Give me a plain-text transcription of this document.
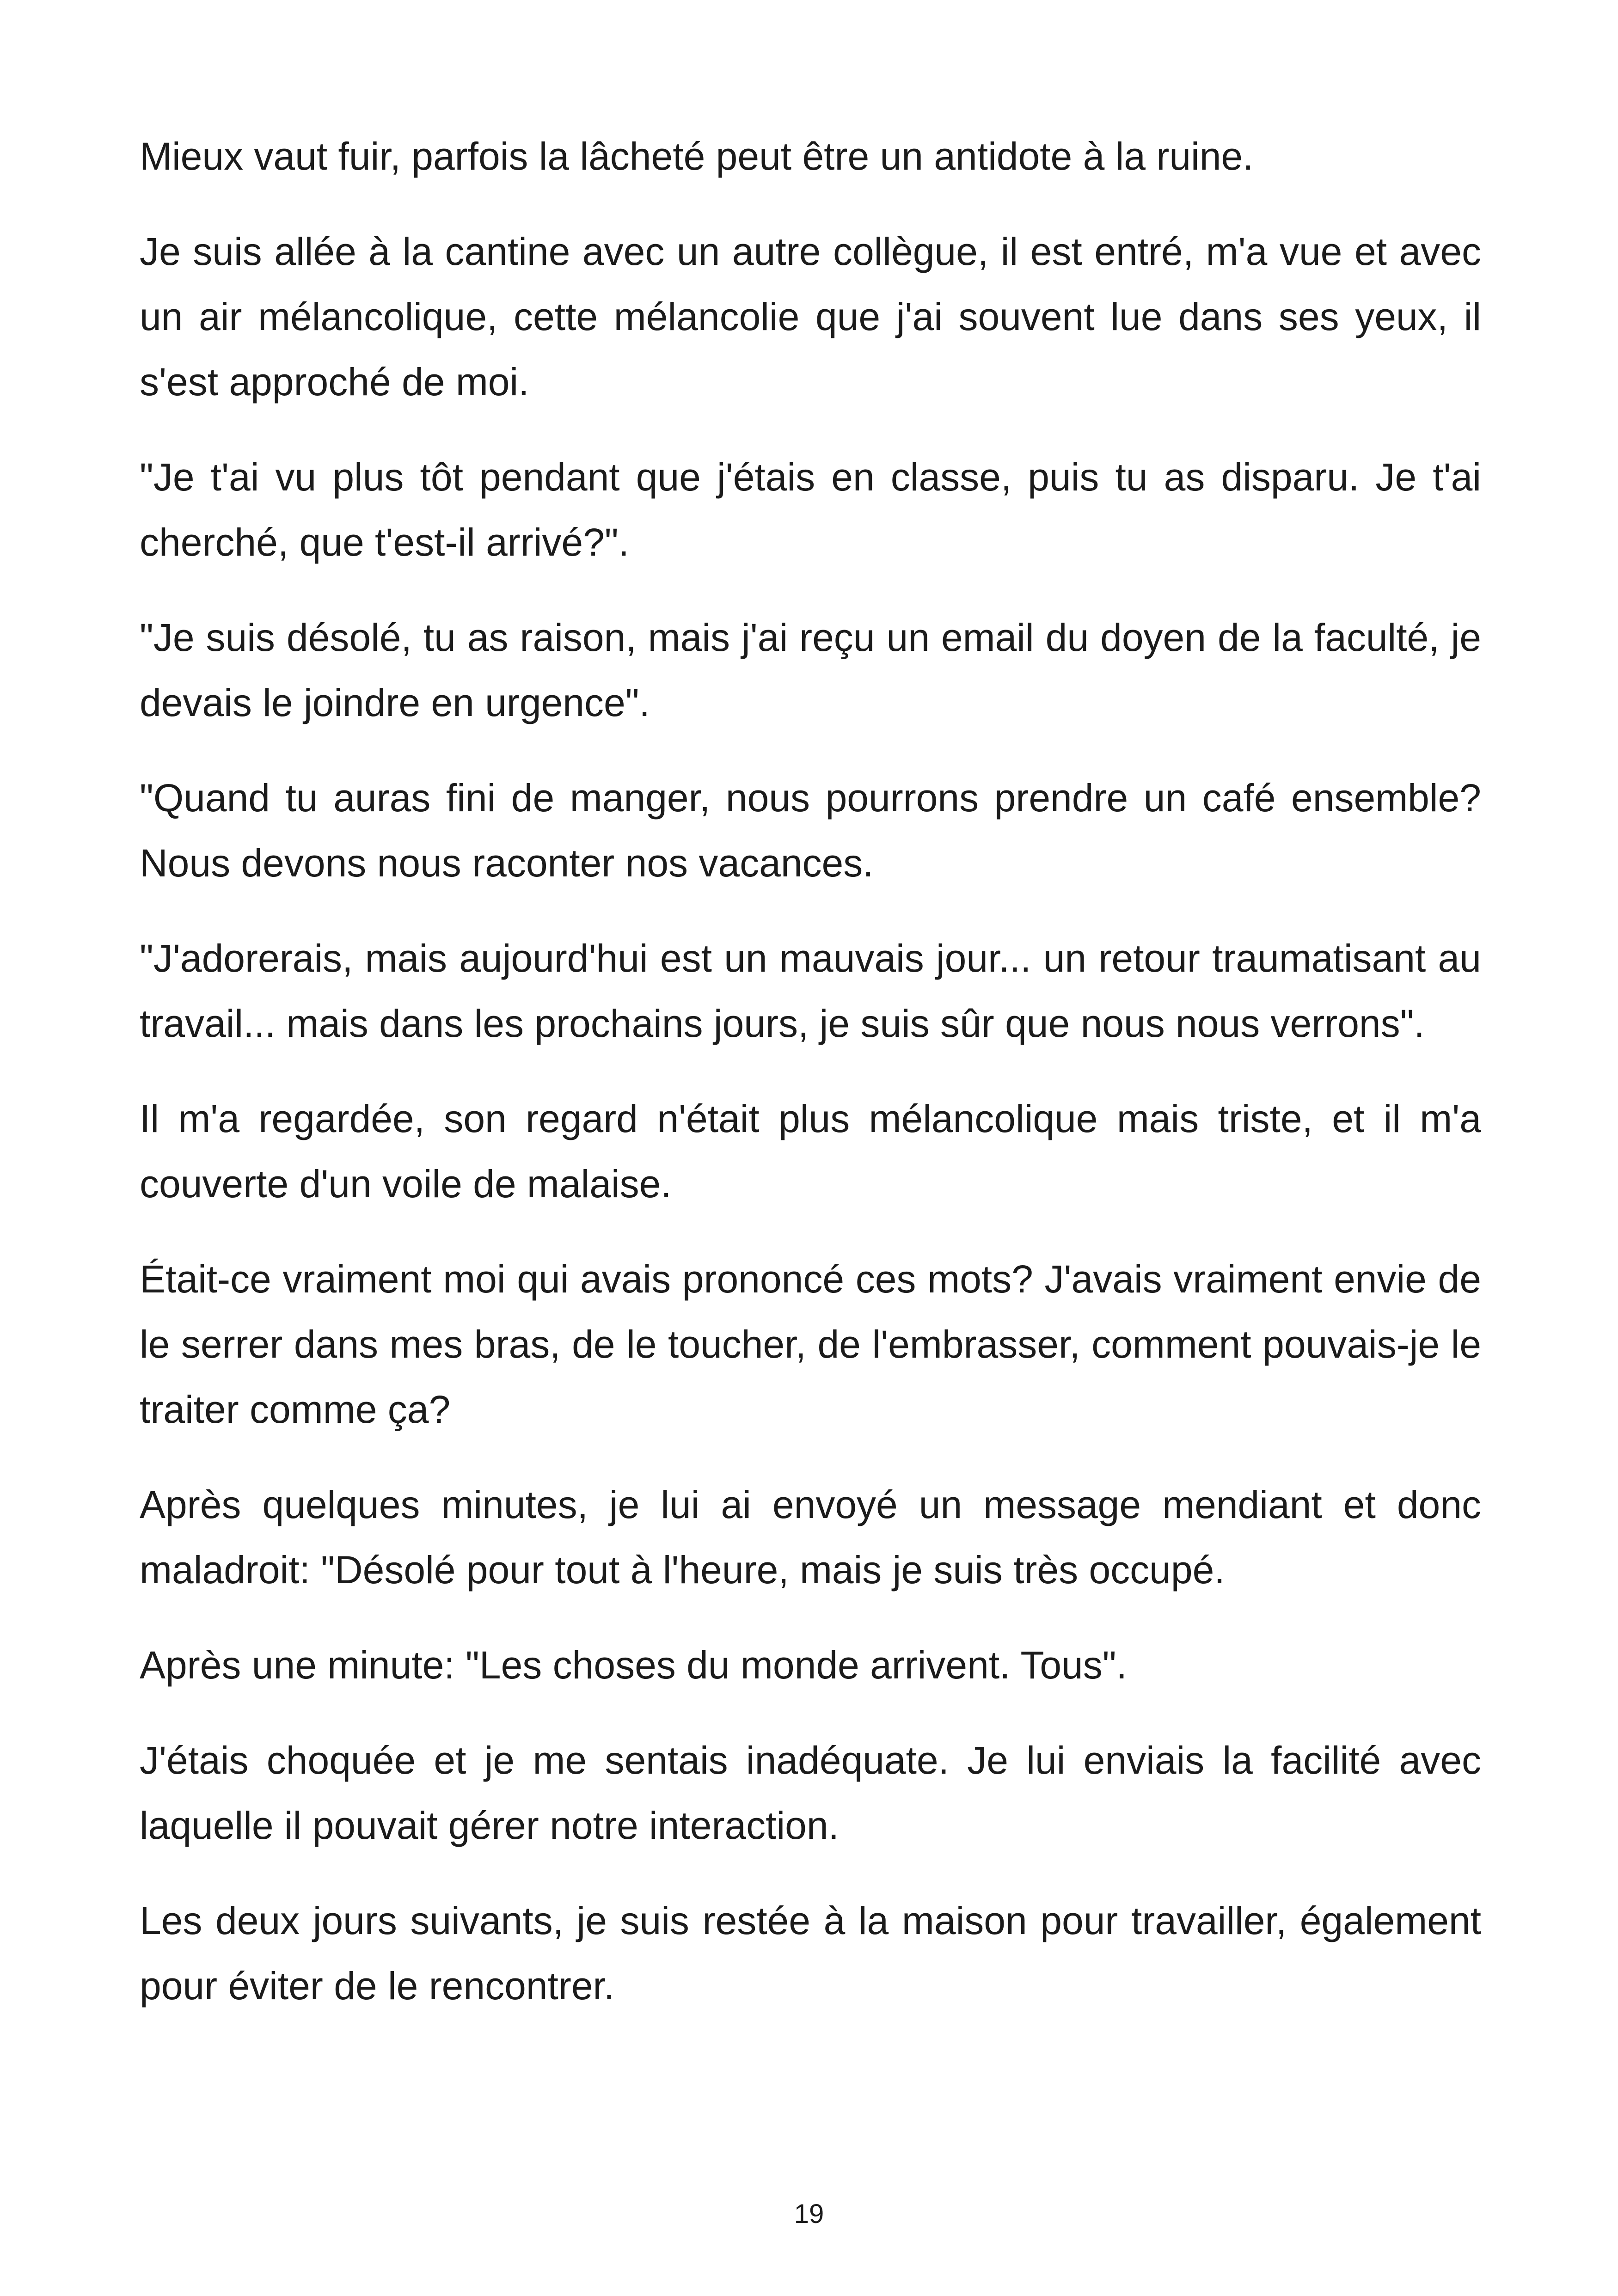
Mieux vaut fuir, parfois la lâcheté peut être un antidote à la ruine.

Je suis allée à la cantine avec un autre collègue, il est entré, m'a vue et avec un air mélancolique, cette mélancolie que j'ai souvent lue dans ses yeux, il s'est approché de moi.

"Je t'ai vu plus tôt pendant que j'étais en classe, puis tu as disparu. Je t'ai cherché, que t'est-il arrivé?".

"Je suis désolé, tu as raison, mais j'ai reçu un email du doyen de la faculté, je devais le joindre en urgence".

"Quand tu auras fini de manger, nous pourrons prendre un café ensemble? Nous devons nous raconter nos vacances.

"J'adorerais, mais aujourd'hui est un mauvais jour... un retour traumatisant au travail... mais dans les prochains jours, je suis sûr que nous nous verrons".

Il m'a regardée, son regard n'était plus mélancolique mais triste, et il m'a couverte d'un voile de malaise.

Était-ce vraiment moi qui avais prononcé ces mots? J'avais vraiment envie de le serrer dans mes bras, de le toucher, de l'embrasser, comment pouvais-je le traiter comme ça?

Après quelques minutes, je lui ai envoyé un message mendiant et donc maladroit: "Désolé pour tout à l'heure, mais je suis très occupé.

Après une minute: "Les choses du monde arrivent. Tous".

J'étais choquée et je me sentais inadéquate. Je lui enviais la facilité avec laquelle il pouvait gérer notre interaction.

Les deux jours suivants, je suis restée à la maison pour travailler, également pour éviter de le rencontrer.

19
